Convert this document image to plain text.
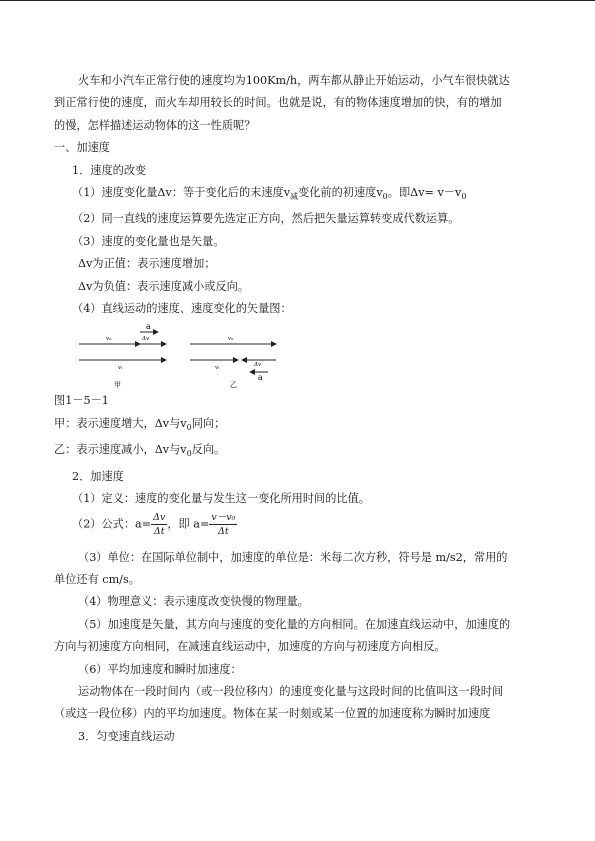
火车和小汽车正常行使的速度均为100Km/h，两车都从静止开始运动，小气车很快就达

到正常行使的速度，而火车却用较长的时间。也就是说，有的物体速度增加的快，有的增加

的慢，怎样描述运动物体的这一性质呢？

一、加速度

1．速度的改变

（1）速度变化量Δv：等于变化后的末速度$v_减$变化前的初速度$v_0$。即$\Delta v= v-v_0$

（2）同一直线的速度运算要先选定正方向，然后把矢量运算转变成代数运算。

（3）速度的变化量也是矢量。

Δv为正值：表示速度增加；

Δv为负值：表示速度减小或反向。

（4）直线运动的速度、速度变化的矢量图：

v₀	Δv
a
vₜ
甲
v₀
vₜ	Δv
a
乙

图1－5－1

甲：表示速度增大，Δv与$v_0$同向；

乙：表示速度减小，Δv与$v_0$反向。

2．加速度

（1）定义：速度的变化量与发生这一变化所用时间的比值。

（2）公式：$a= \frac{\Delta v}{\Delta t}$ ，即 $a= \frac{\text{v－v₀}}{\Delta t}$

（3）单位：在国际单位制中，加速度的单位是：米每二次方秒，符号是 m/s2，常用的

单位还有 cm/s。

（4）物理意义：表示速度改变快慢的物理量。

（5）加速度是矢量，其方向与速度的变化量的方向相同。在加速直线运动中，加速度的

方向与初速度方向相同，在减速直线运动中，加速度的方向与初速度方向相反。

（6）平均加速度和瞬时加速度：

运动物体在一段时间内（或一段位移内）的速度变化量与这段时间的比值叫这一段时间

（或这一段位移）内的平均加速度。物体在某一时刻或某一位置的加速度称为瞬时加速度

3．匀变速直线运动
